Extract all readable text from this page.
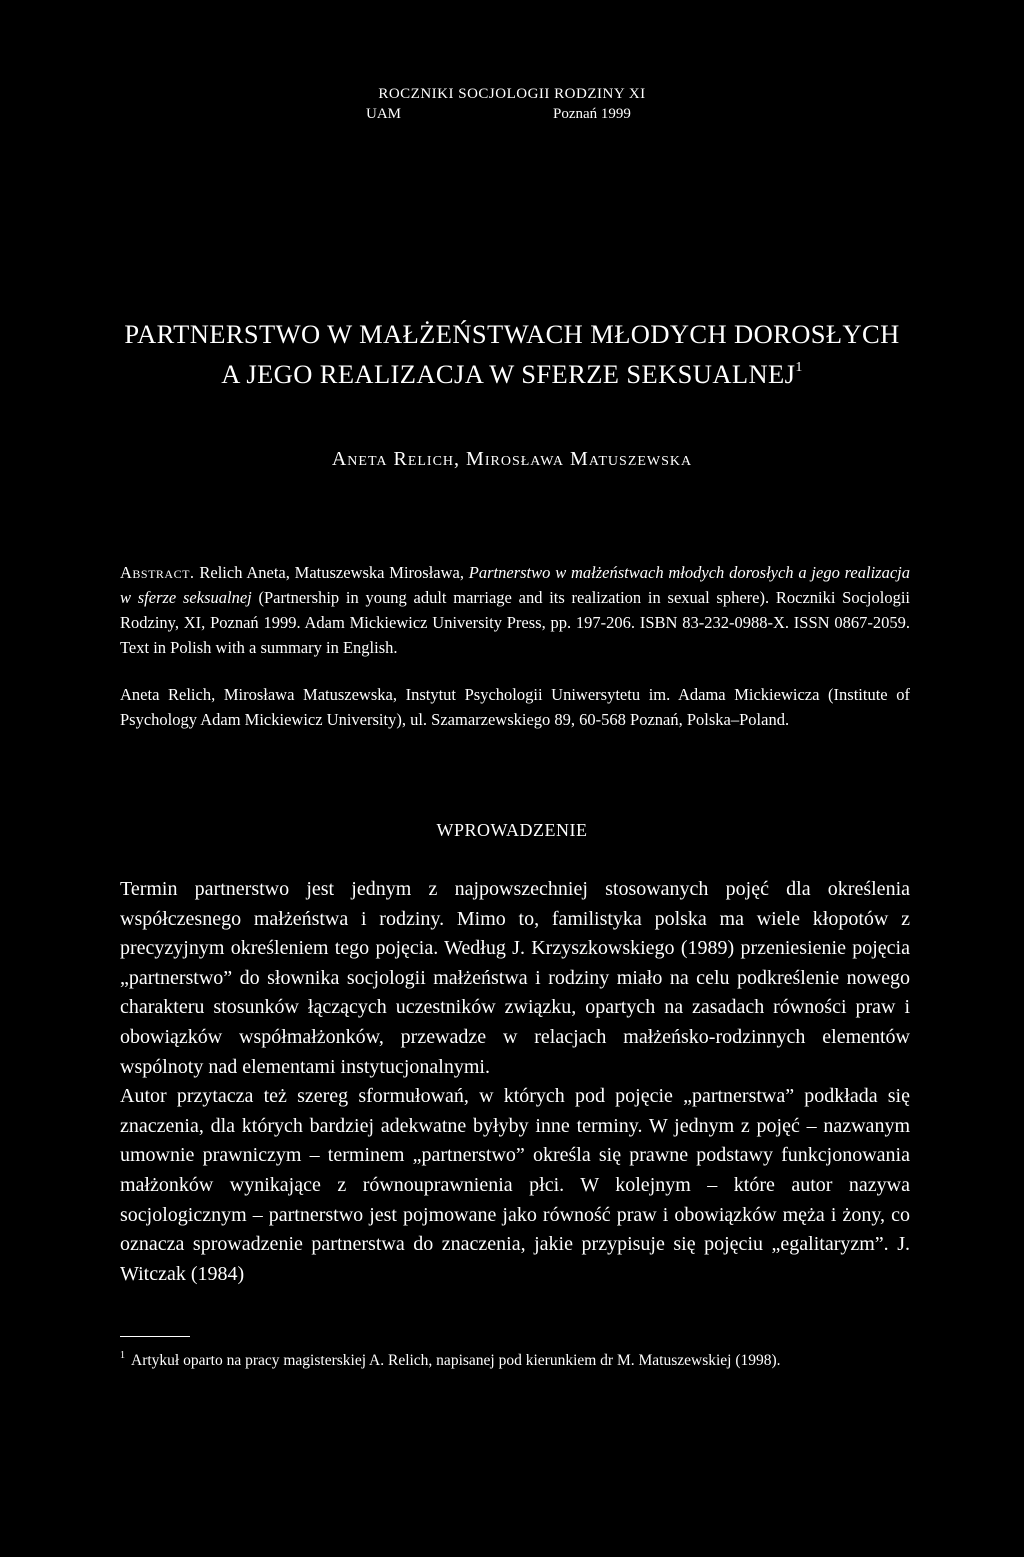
ROCZNIKI SOCJOLOGII RODZINY XI
UAM	Poznań 1999
PARTNERSTWO W MAŁŻEŃSTWACH MŁODYCH DOROSŁYCH
A JEGO REALIZACJA W SFERZE SEKSUALNEJ$^1$
Aneta Relich, Mirosława Matuszewska
Abstract. Relich Aneta, Matuszewska Mirosława, Partnerstwo w małżeństwach młodych dorosłych a jego realizacja w sferze seksualnej (Partnership in young adult marriage and its realization in sexual sphere). Roczniki Socjologii Rodziny, XI, Poznań 1999. Adam Mickiewicz University Press, pp. 197-206. ISBN 83-232-0988-X. ISSN 0867-2059. Text in Polish with a summary in English.
Aneta Relich, Mirosława Matuszewska, Instytut Psychologii Uniwersytetu im. Adama Mickiewicza (Institute of Psychology Adam Mickiewicz University), ul. Szamarzewskiego 89, 60-568 Poznań, Polska–Poland.
WPROWADZENIE

Termin partnerstwo jest jednym z najpowszechniej stosowanych pojęć dla określenia współczesnego małżeństwa i rodziny. Mimo to, familistyka polska ma wiele kłopotów z precyzyjnym określeniem tego pojęcia. Według J. Krzyszkowskiego (1989) przeniesienie pojęcia „partnerstwo” do słownika socjologii małżeństwa i rodziny miało na celu podkreślenie nowego charakteru stosunków łączących uczestników związku, opartych na zasadach równości praw i obowiązków współmałżonków, przewadze w relacjach małżeńsko-rodzinnych elementów wspólnoty nad elementami instytucjonalnymi.

Autor przytacza też szereg sformułowań, w których pod pojęcie „partnerstwa” podkłada się znaczenia, dla których bardziej adekwatne byłyby inne terminy. W jednym z pojęć – nazwanym umownie prawniczym – terminem „partnerstwo” określa się prawne podstawy funkcjonowania małżonków wynikające z równouprawnienia płci. W kolejnym – które autor nazywa socjologicznym – partnerstwo jest pojmowane jako równość praw i obowiązków męża i żony, co oznacza sprowadzenie partnerstwa do znaczenia, jakie przypisuje się pojęciu „egalitaryzm”. J. Witczak (1984)

$^1$ Artykuł oparto na pracy magisterskiej A. Relich, napisanej pod kierunkiem dr M. Matuszewskiej (1998).
